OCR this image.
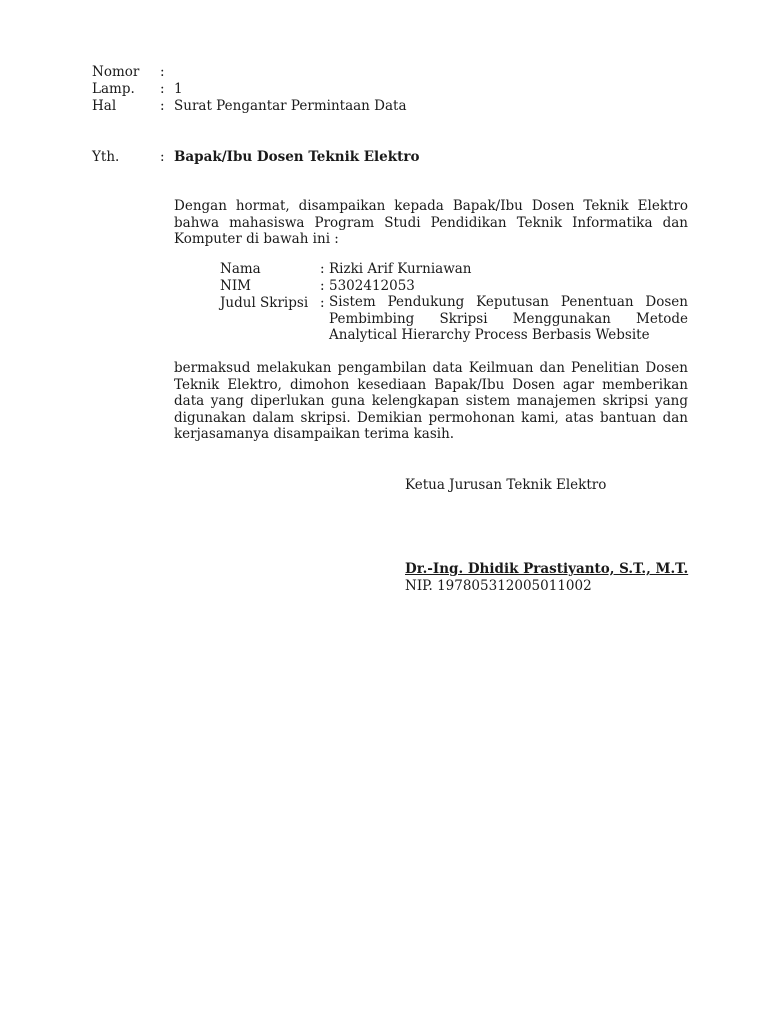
Nomor :
Lamp. : 1
Hal	: Surat Pengantar Permintaan Data
Yth.	: Bapak/Ibu Dosen Teknik Elektro
Dengan hormat, disampaikan kepada Bapak/Ibu Dosen Teknik Elektro bahwa mahasiswa Program Studi Pendidikan Teknik Informatika dan Komputer di bawah ini :
Nama	: Rizki Arif Kurniawan
NIM	: 5302412053
Judul Skripsi : Sistem Pendukung Keputusan Penentuan Dosen Pembimbing Skripsi Menggunakan Metode Analytical Hierarchy Process Berbasis Website
bermaksud melakukan pengambilan data Keilmuan dan Penelitian Dosen Teknik Elektro, dimohon kesediaan Bapak/Ibu Dosen agar memberikan data yang diperlukan guna kelengkapan sistem manajemen skripsi yang digunakan dalam skripsi. Demikian permohonan kami, atas bantuan dan kerjasamanya disampaikan terima kasih.
Ketua Jurusan Teknik Elektro
Dr.-Ing. Dhidik Prastiyanto, S.T., M.T.
NIP. 197805312005011002
